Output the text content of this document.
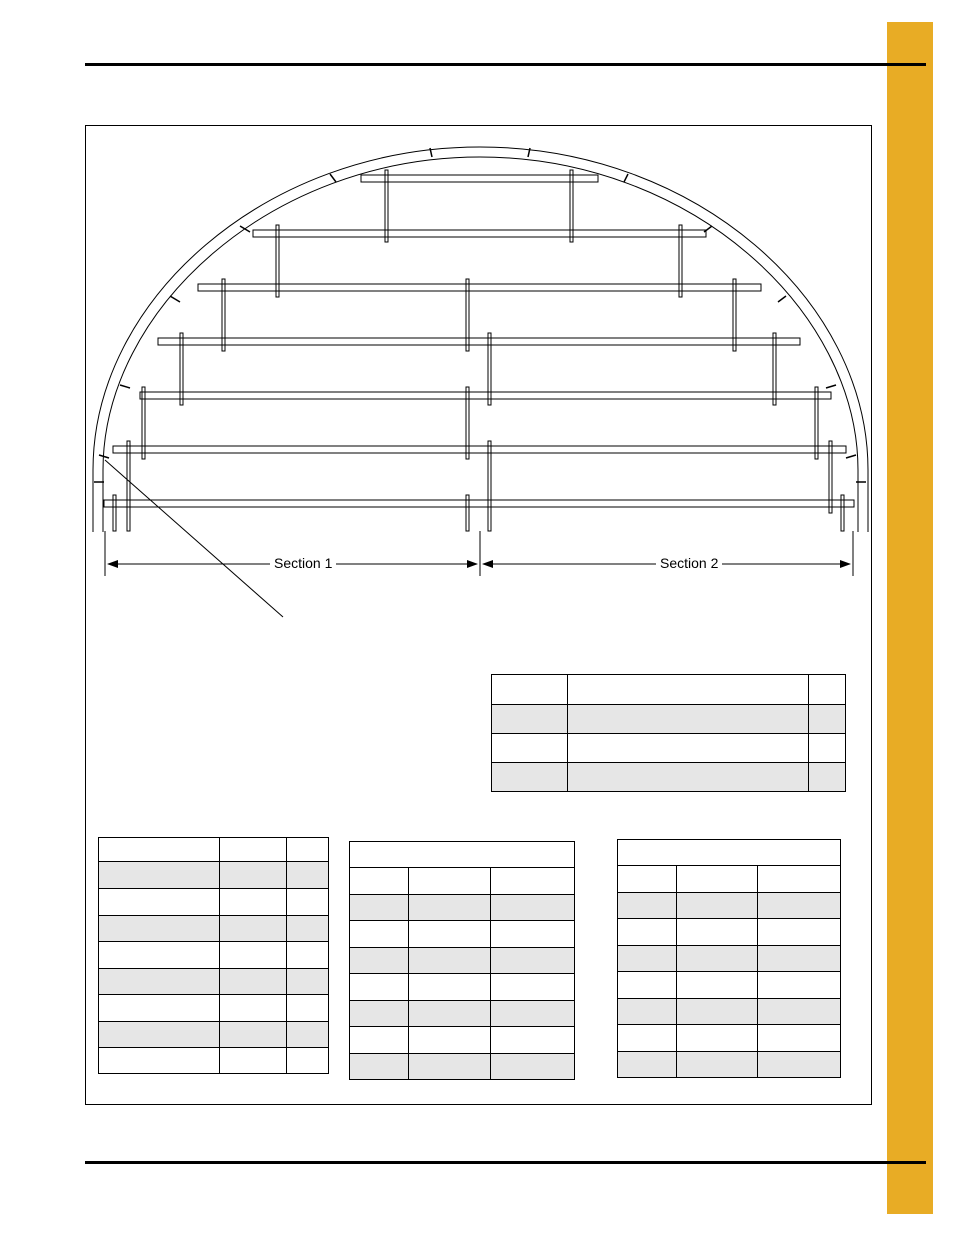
Section 1	Section 2
